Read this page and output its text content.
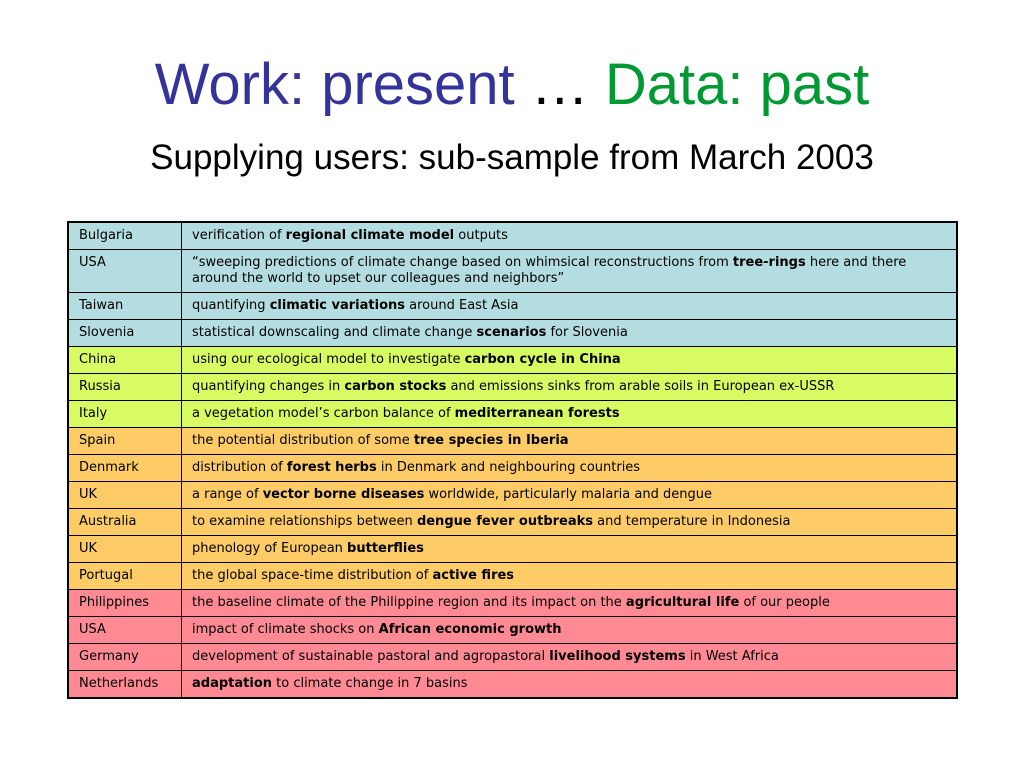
Work: present … Data: past
Supplying users: sub-sample from March 2003
Bulgaria	verification of regional climate model outputs
USA	“sweeping predictions of climate change based on whimsical reconstructions from tree-rings here and there around the world to upset our colleagues and neighbors”
Taiwan	quantifying climatic variations around East Asia
Slovenia	statistical downscaling and climate change scenarios for Slovenia
China	using our ecological model to investigate carbon cycle in China
Russia	quantifying changes in carbon stocks and emissions sinks from arable soils in European ex-USSR
Italy	a vegetation model’s carbon balance of mediterranean forests
Spain	the potential distribution of some tree species in Iberia
Denmark	distribution of forest herbs in Denmark and neighbouring countries
UK	a range of vector borne diseases worldwide, particularly malaria and dengue
Australia	to examine relationships between dengue fever outbreaks and temperature in Indonesia
UK	phenology of European butterflies
Portugal	the global space-time distribution of active fires
Philippines	the baseline climate of the Philippine region and its impact on the agricultural life of our people
USA	impact of climate shocks on African economic growth
Germany	development of sustainable pastoral and agropastoral livelihood systems in West Africa
Netherlands	adaptation to climate change in 7 basins
